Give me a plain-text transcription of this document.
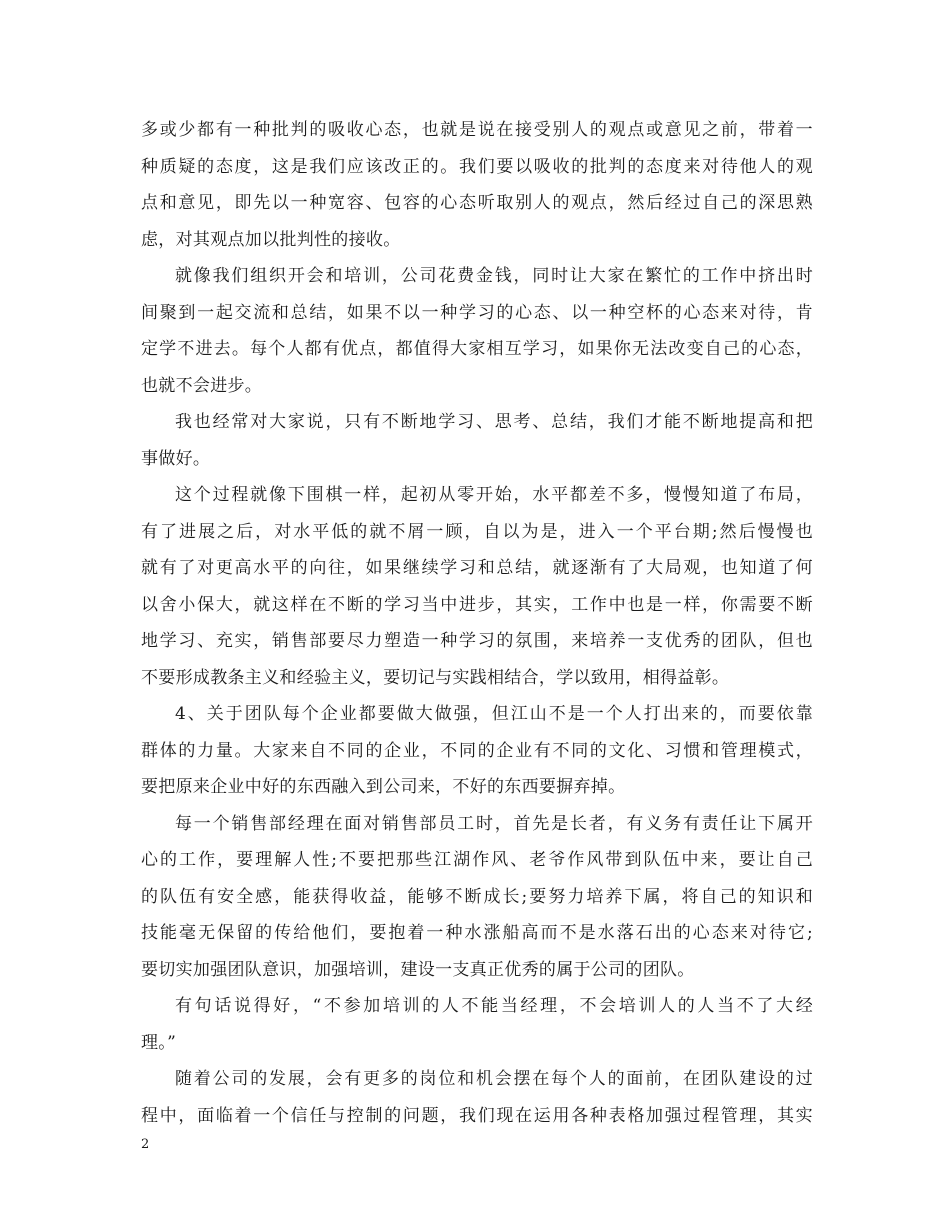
多或少都有一种批判的吸收心态，也就是说在接受别人的观点或意见之前，带着一
种质疑的态度，这是我们应该改正的。我们要以吸收的批判的态度来对待他人的观
点和意见，即先以一种宽容、包容的心态听取别人的观点，然后经过自己的深思熟
虑，对其观点加以批判性的接收。
就像我们组织开会和培训，公司花费金钱，同时让大家在繁忙的工作中挤出时
间聚到一起交流和总结，如果不以一种学习的心态、以一种空杯的心态来对待，肯
定学不进去。每个人都有优点，都值得大家相互学习，如果你无法改变自己的心态，
也就不会进步。
我也经常对大家说，只有不断地学习、思考、总结，我们才能不断地提高和把
事做好。
这个过程就像下围棋一样，起初从零开始，水平都差不多，慢慢知道了布局，
有了进展之后，对水平低的就不屑一顾，自以为是，进入一个平台期;然后慢慢也
就有了对更高水平的向往，如果继续学习和总结，就逐渐有了大局观，也知道了何
以舍小保大，就这样在不断的学习当中进步，其实，工作中也是一样，你需要不断
地学习、充实，销售部要尽力塑造一种学习的氛围，来培养一支优秀的团队，但也
不要形成教条主义和经验主义，要切记与实践相结合，学以致用，相得益彰。
4、关于团队每个企业都要做大做强，但江山不是一个人打出来的，而要依靠
群体的力量。大家来自不同的企业，不同的企业有不同的文化、习惯和管理模式，
要把原来企业中好的东西融入到公司来，不好的东西要摒弃掉。
每一个销售部经理在面对销售部员工时，首先是长者，有义务有责任让下属开
心的工作，要理解人性;不要把那些江湖作风、老爷作风带到队伍中来，要让自己
的队伍有安全感，能获得收益，能够不断成长;要努力培养下属，将自己的知识和
技能毫无保留的传给他们，要抱着一种水涨船高而不是水落石出的心态来对待它;
要切实加强团队意识，加强培训，建设一支真正优秀的属于公司的团队。
有句话说得好，“不参加培训的人不能当经理，不会培训人的人当不了大经
理。”
随着公司的发展，会有更多的岗位和机会摆在每个人的面前，在团队建设的过
程中，面临着一个信任与控制的问题，我们现在运用各种表格加强过程管理，其实
2
